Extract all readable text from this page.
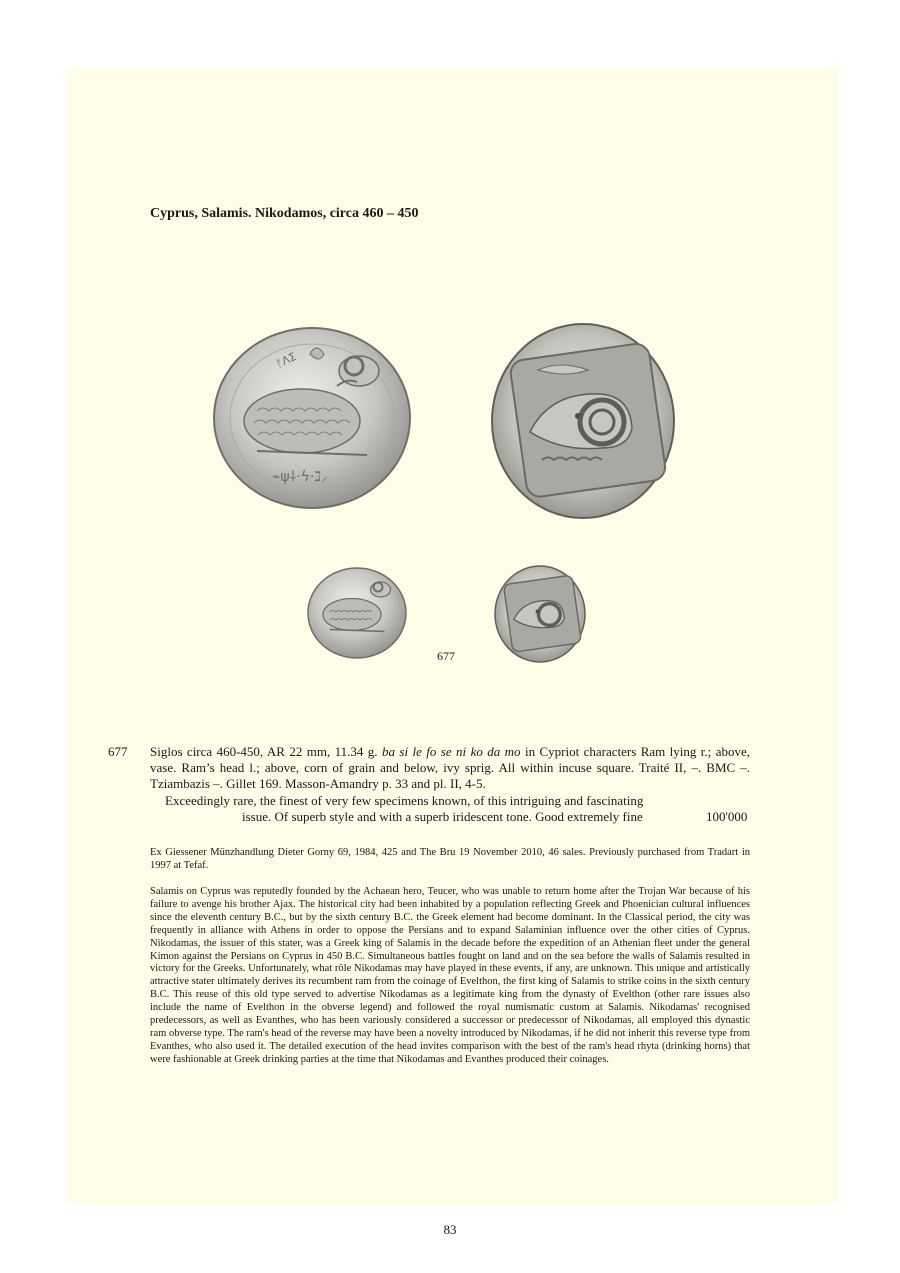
Cyprus, Salamis. Nikodamos, circa 460 – 450
⌁ψ⸸·ϟ·ℷ⸝
ᚠΛΣ
677
677 Siglos circa 460-450, AR 22 mm, 11.34 g. ba si le fo se ni ko da mo in Cypriot characters Ram lying r.; above, vase. Ram’s head l.; above, corn of grain and below, ivy sprig. All within incuse square. Traité II, –. BMC –. Tziambazis –. Gillet 169. Masson-Amandry p. 33 and pl. II, 4-5.
Exceedingly rare, the finest of very few specimens known, of this intriguing and fascinating
issue. Of superb style and with a superb iridescent tone. Good extremely fine	100'000
Ex Giessener Münzhandlung Dieter Gorny 69, 1984, 425 and The Bru 19 November 2010, 46 sales. Previously purchased from Tradart in 1997 at Tefaf.
Salamis on Cyprus was reputedly founded by the Achaean hero, Teucer, who was unable to return home after the Trojan War because of his failure to avenge his brother Ajax. The historical city had been inhabited by a population reflecting Greek and Phoenician cultural influences since the eleventh century B.C., but by the sixth century B.C. the Greek element had become dominant. In the Classical period, the city was frequently in alliance with Athens in order to oppose the Persians and to expand Salaminian influence over the other cities of Cyprus. Nikodamas, the issuer of this stater, was a Greek king of Salamis in the decade before the expedition of an Athenian fleet under the general Kimon against the Persians on Cyprus in 450 B.C. Simultaneous battles fought on land and on the sea before the walls of Salamis resulted in victory for the Greeks. Unfortunately, what rôle Nikodamas may have played in these events, if any, are unknown. This unique and artistically attractive stater ultimately derives its recumbent ram from the coinage of Evelthon, the first king of Salamis to strike coins in the sixth century B.C. This reuse of this old type served to advertise Nikodamas as a legitimate king from the dynasty of Evelthon (other rare issues also include the name of Evelthon in the obverse legend) and followed the royal numismatic custom at Salamis. Nikodamas' recognised predecessors, as well as Evanthes, who has been variously considered a successor or predecessor of Nikodamas, all employed this dynastic ram obverse type. The ram's head of the reverse may have been a novelty introduced by Nikodamas, if he did not inherit this reverse type from Evanthes, who also used it. The detailed execution of the head invites comparison with the best of the ram's head rhyta (drinking horns) that were fashionable at Greek drinking parties at the time that Nikodamas and Evanthes produced their coinages.
83
